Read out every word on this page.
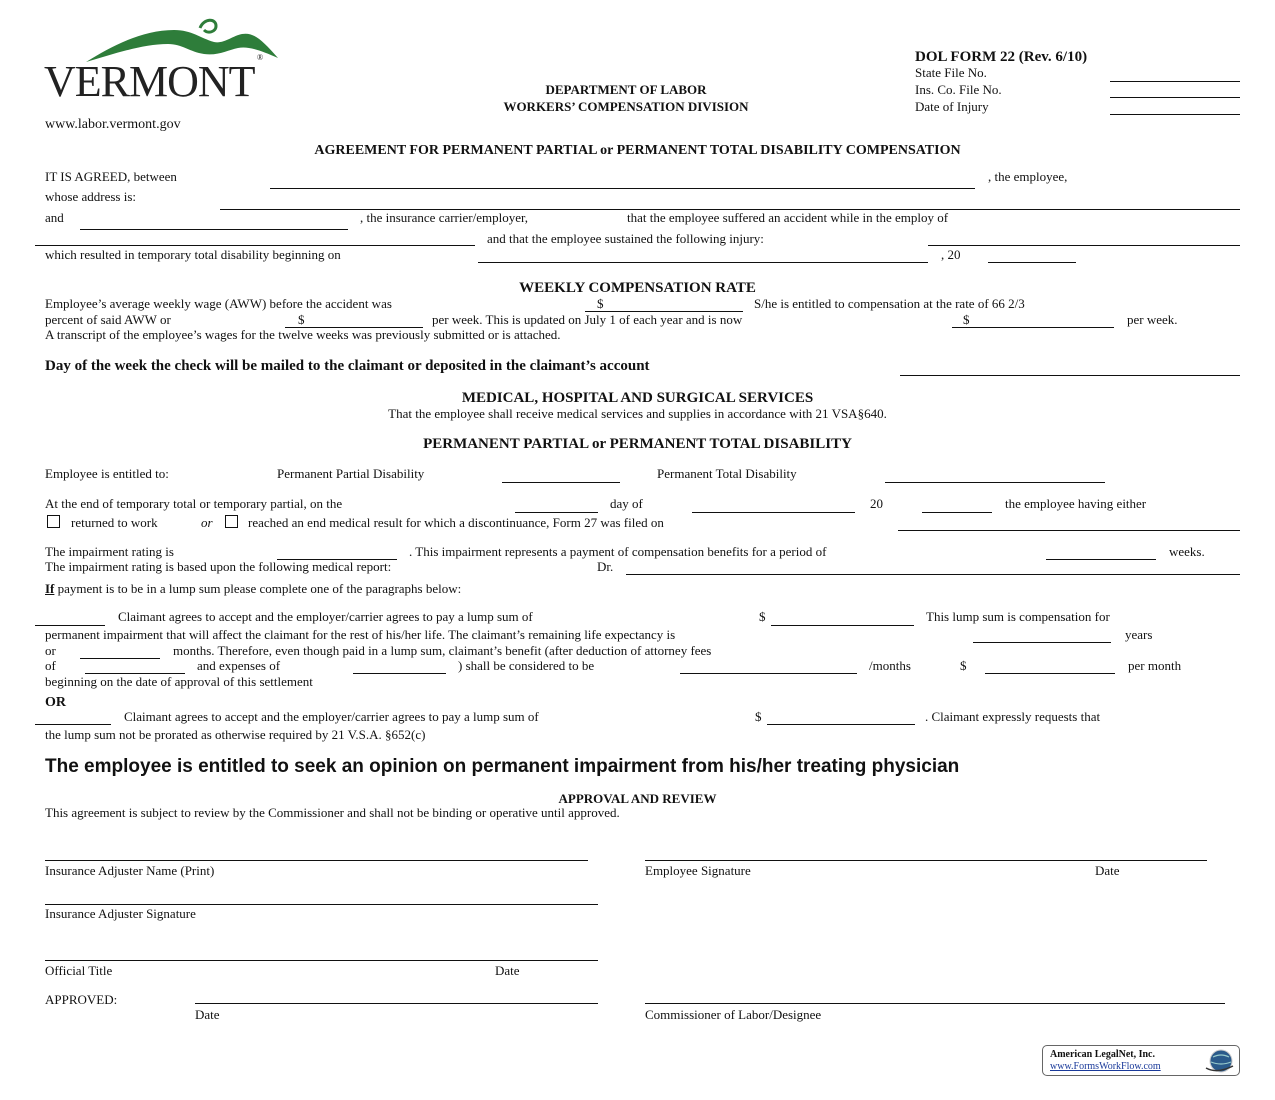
VERMONT ®
www.labor.vermont.gov
DEPARTMENT OF LABOR
WORKERS’ COMPENSATION DIVISION
DOL FORM 22 (Rev. 6/10)
State File No.
Ins. Co. File No.
Date of Injury
AGREEMENT FOR PERMANENT PARTIAL or PERMANENT TOTAL DISABILITY COMPENSATION
IT IS AGREED, between	, the employee,
whose address is:
and	, the insurance carrier/employer,	that the employee suffered an accident while in the employ of
and that the employee sustained the following injury:
which resulted in temporary total disability beginning on	, 20
WEEKLY COMPENSATION RATE
Employee’s average weekly wage (AWW) before the accident was	$	S/he is entitled to compensation at the rate of 66 2/3
percent of said AWW or	$	per week. This is updated on July 1 of each year and is now	$	per week.
A transcript of the employee’s wages for the twelve weeks was previously submitted or is attached.
Day of the week the check will be mailed to the claimant or deposited in the claimant’s account
MEDICAL, HOSPITAL AND SURGICAL SERVICES
That the employee shall receive medical services and supplies in accordance with 21 VSA§640.
PERMANENT PARTIAL or PERMANENT TOTAL DISABILITY
Employee is entitled to:	Permanent Partial Disability	Permanent Total Disability
At the end of temporary total or temporary partial, on the	day of	20	the employee having either
returned to work	or	reached an end medical result for which a discontinuance, Form 27 was filed on
The impairment rating is	. This impairment represents a payment of compensation benefits for a period of	weeks.
The impairment rating is based upon the following medical report:	Dr.
If payment is to be in a lump sum please complete one of the paragraphs below:
Claimant agrees to accept and the employer/carrier agrees to pay a lump sum of	$	This lump sum is compensation for
permanent impairment that will affect the claimant for the rest of his/her life. The claimant’s remaining life expectancy is	years
or	months. Therefore, even though paid in a lump sum, claimant’s benefit (after deduction of attorney fees
of	and expenses of	) shall be considered to be	/months	$	per month
beginning on the date of approval of this settlement
OR
Claimant agrees to accept and the employer/carrier agrees to pay a lump sum of	$	. Claimant expressly requests that
the lump sum not be prorated as otherwise required by 21 V.S.A. §652(c)
The employee is entitled to seek an opinion on permanent impairment from his/her treating physician
APPROVAL AND REVIEW
This agreement is subject to review by the Commissioner and shall not be binding or operative until approved.
Insurance Adjuster Name (Print)	Employee Signature	Date
Insurance Adjuster Signature
Official Title	Date
APPROVED:
Date	Commissioner of Labor/Designee
American LegalNet, Inc.
www.FormsWorkFlow.com
